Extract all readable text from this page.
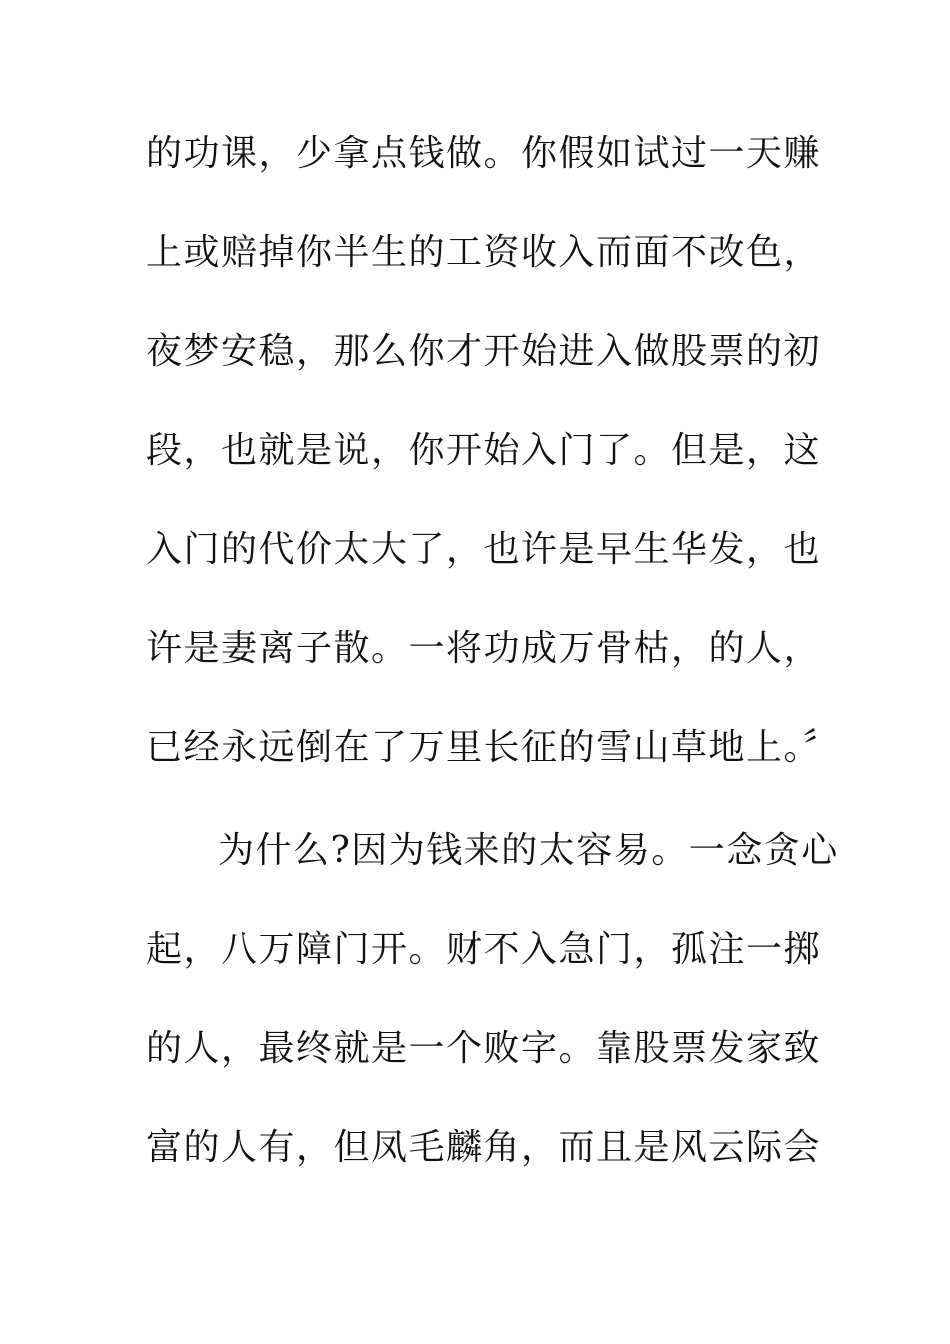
的功课，少拿点钱做。你假如试过一天赚
上或赔掉你半生的工资收入而面不改色，
夜梦安稳，那么你才开始进入做股票的初
段，也就是说，你开始入门了。但是，这
入门的代价太大了，也许是早生华发，也
许是妻离子散。一将功成万骨枯，的人，
已经永远倒在了万里长征的雪山草地上。〞
为什么?因为钱来的太容易。一念贪心
起，八万障门开。财不入急门，孤注一掷
的人，最终就是一个败字。靠股票发家致
富的人有，但凤毛麟角，而且是风云际会
